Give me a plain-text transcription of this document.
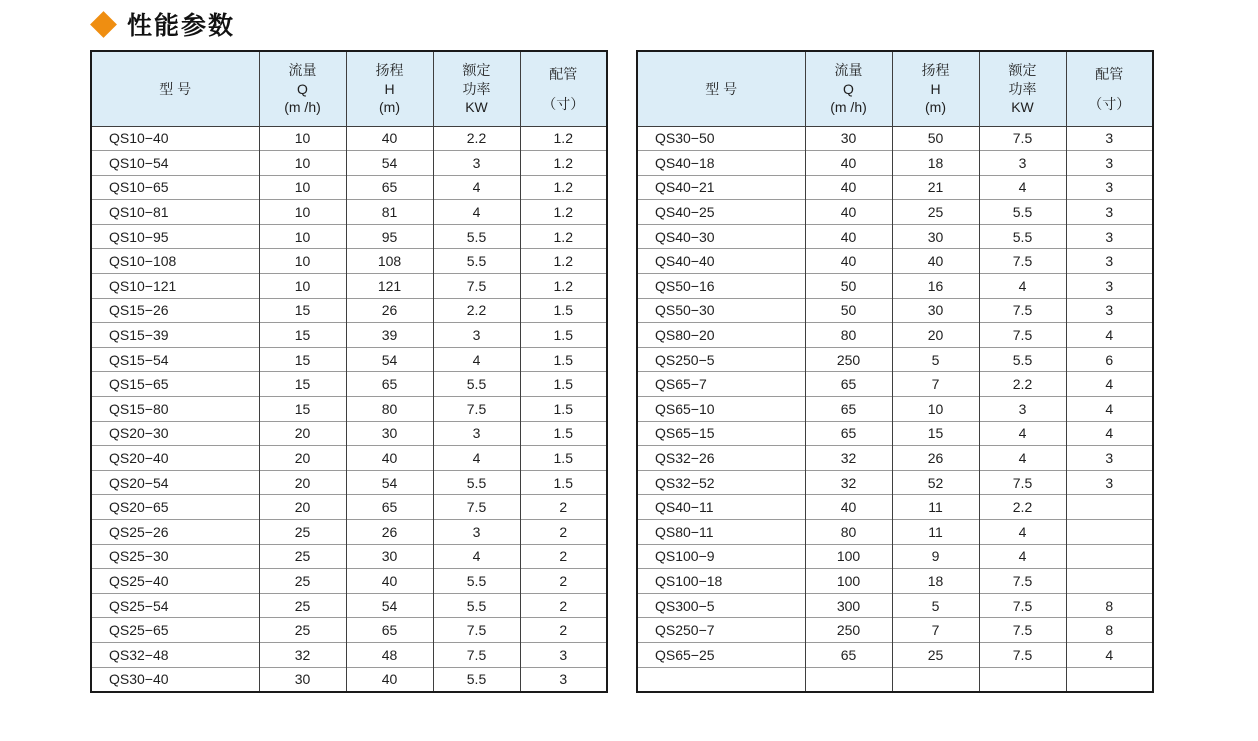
性能参数
型 号	流量
Q
(m /h)	扬程
H
(m)	额定
功率
KW	配管
（寸）

QS10−40	10	40	2.2	1.2
QS10−54	10	54	3	1.2
QS10−65	10	65	4	1.2
QS10−81	10	81	4	1.2
QS10−95	10	95	5.5	1.2
QS10−108	10	108	5.5	1.2
QS10−121	10	121	7.5	1.2
QS15−26	15	26	2.2	1.5
QS15−39	15	39	3	1.5
QS15−54	15	54	4	1.5
QS15−65	15	65	5.5	1.5
QS15−80	15	80	7.5	1.5
QS20−30	20	30	3	1.5
QS20−40	20	40	4	1.5
QS20−54	20	54	5.5	1.5
QS20−65	20	65	7.5	2
QS25−26	25	26	3	2
QS25−30	25	30	4	2
QS25−40	25	40	5.5	2
QS25−54	25	54	5.5	2
QS25−65	25	65	7.5	2
QS32−48	32	48	7.5	3
QS30−40	30	40	5.5	3
型 号	流量
Q
(m /h)	扬程
H
(m)	额定
功率
KW	配管
（寸）

QS30−50	30	50	7.5	3
QS40−18	40	18	3	3
QS40−21	40	21	4	3
QS40−25	40	25	5.5	3
QS40−30	40	30	5.5	3
QS40−40	40	40	7.5	3
QS50−16	50	16	4	3
QS50−30	50	30	7.5	3
QS80−20	80	20	7.5	4
QS250−5	250	5	5.5	6
QS65−7	65	7	2.2	4
QS65−10	65	10	3	4
QS65−15	65	15	4	4
QS32−26	32	26	4	3
QS32−52	32	52	7.5	3
QS40−11	40	11	2.2	
QS80−11	80	11	4	
QS100−9	100	9	4	
QS100−18	100	18	7.5	
QS300−5	300	5	7.5	8
QS250−7	250	7	7.5	8
QS65−25	65	25	7.5	4
